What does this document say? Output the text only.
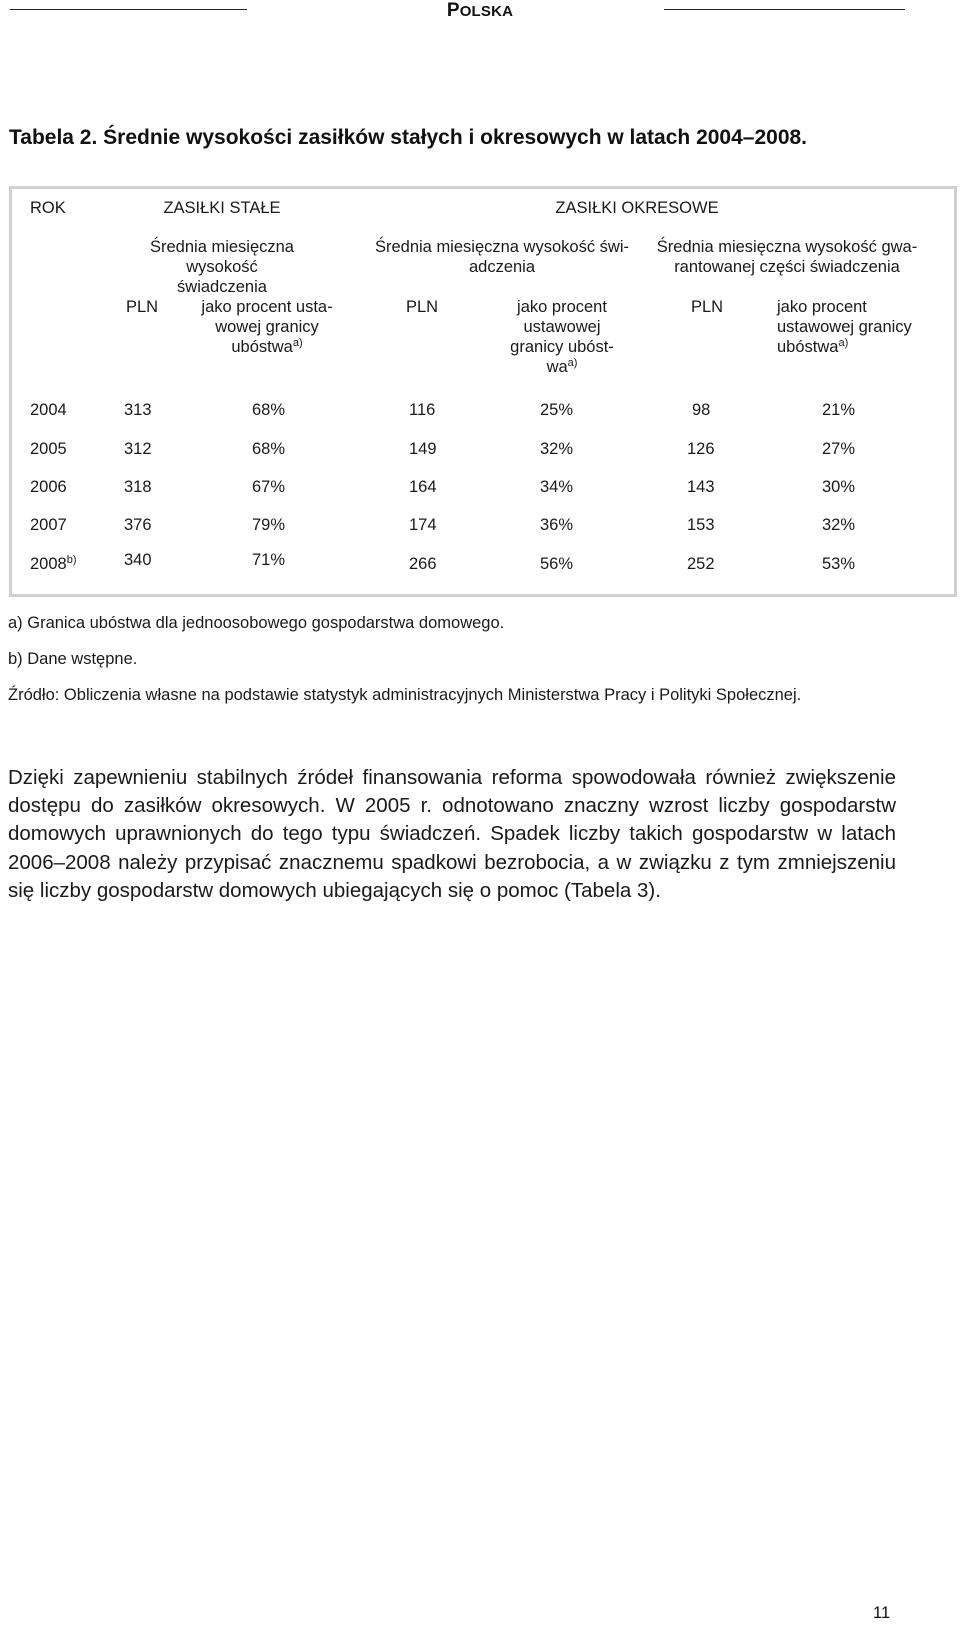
POLSKA
Tabela 2. Średnie wysokości zasiłków stałych i okresowych w latach 2004–2008.
ROK	ZASIŁKI STAŁE	ZASIŁKI OKRESOWE
Średnia miesięczna wysokość
świadczenia
Średnia miesięczna wysokość świ-
adczenia
Średnia miesięczna wysokość gwa-
rantowanej części świadczenia
PLN	jako procent usta-
wowej granicy
ubóstwa$^{a)}$
PLN	jako procent
ustawowej
granicy ubóst-
$wa^{a)}$
PLN	jako procent
ustawowej granicy
ubóstwa$^{a)}$
2004	313	68%	116	25%	98	21%
2005	312	68%	149	32%	126	27%
2006	318	67%	164	34%	143	30%
2007	376	79%	174	36%	153	32%
2008$^{b)}$	340	71%	266	56%	252	53%
a) Granica ubóstwa dla jednoosobowego gospodarstwa domowego.
b) Dane wstępne.
Źródło: Obliczenia własne na podstawie statystyk administracyjnych Ministerstwa Pracy i Polityki Społecznej.

Dzięki zapewnieniu stabilnych źródeł finansowania reforma spowodowała również zwiększenie dostępu do zasiłków okresowych. W 2005 r. odnotowano znaczny wzrost liczby gospodarstw domowych uprawnionych do tego typu świadczeń. Spadek liczby takich gospodarstw w latach 2006–2008 należy przypisać znacznemu spadkowi bezrobocia, a w związku z tym zmniejszeniu się liczby gospodarstw domowych ubiegających się o pomoc (Tabela 3).

11
